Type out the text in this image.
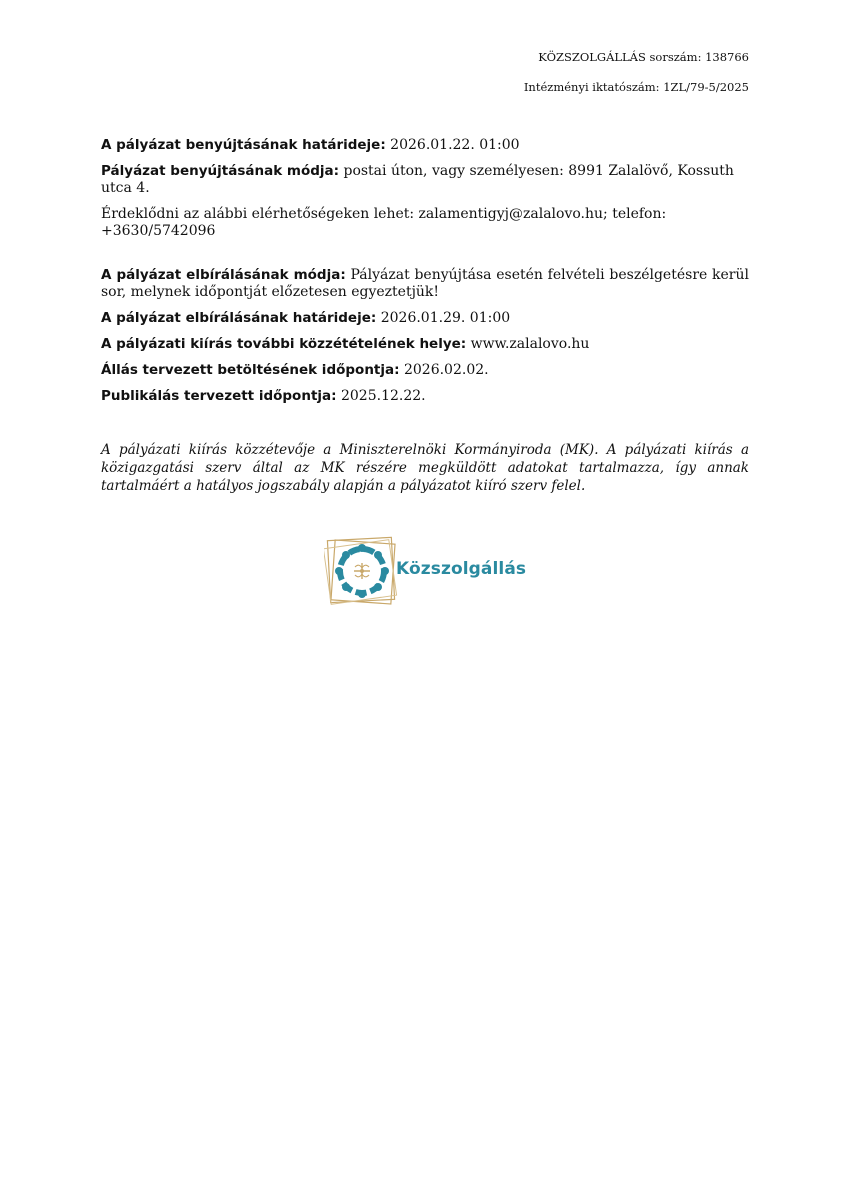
KÖZSZOLGÁLLÁS sorszám: 138766
Intézményi iktatószám: 1ZL/79-5/2025

A pályázat benyújtásának határideje: 2026.01.22. 01:00

Pályázat benyújtásának módja: postai úton, vagy személyesen: 8991 Zalalövő, Kossuth utca 4.

Érdeklődni az alábbi elérhetőségeken lehet: zalamentigyj@zalalovo.hu; telefon: +3630/5742096

A pályázat elbírálásának módja: Pályázat benyújtása esetén felvételi beszélgetésre kerül sor, melynek időpontját előzetesen egyeztetjük!

A pályázat elbírálásának határideje: 2026.01.29. 01:00

A pályázati kiírás további közzétételének helye: www.zalalovo.hu

Állás tervezett betöltésének időpontja: 2026.02.02.

Publikálás tervezett időpontja: 2025.12.22.

A pályázati kiírás közzétevője a Miniszterelnöki Kormányiroda (MK). A pályázati kiírás a közigazgatási szerv által az MK részére megküldött adatokat tartalmazza, így annak tartalmáért a hatályos jogszabály alapján a pályázatot kiíró szerv felel.
Közszolgállás
